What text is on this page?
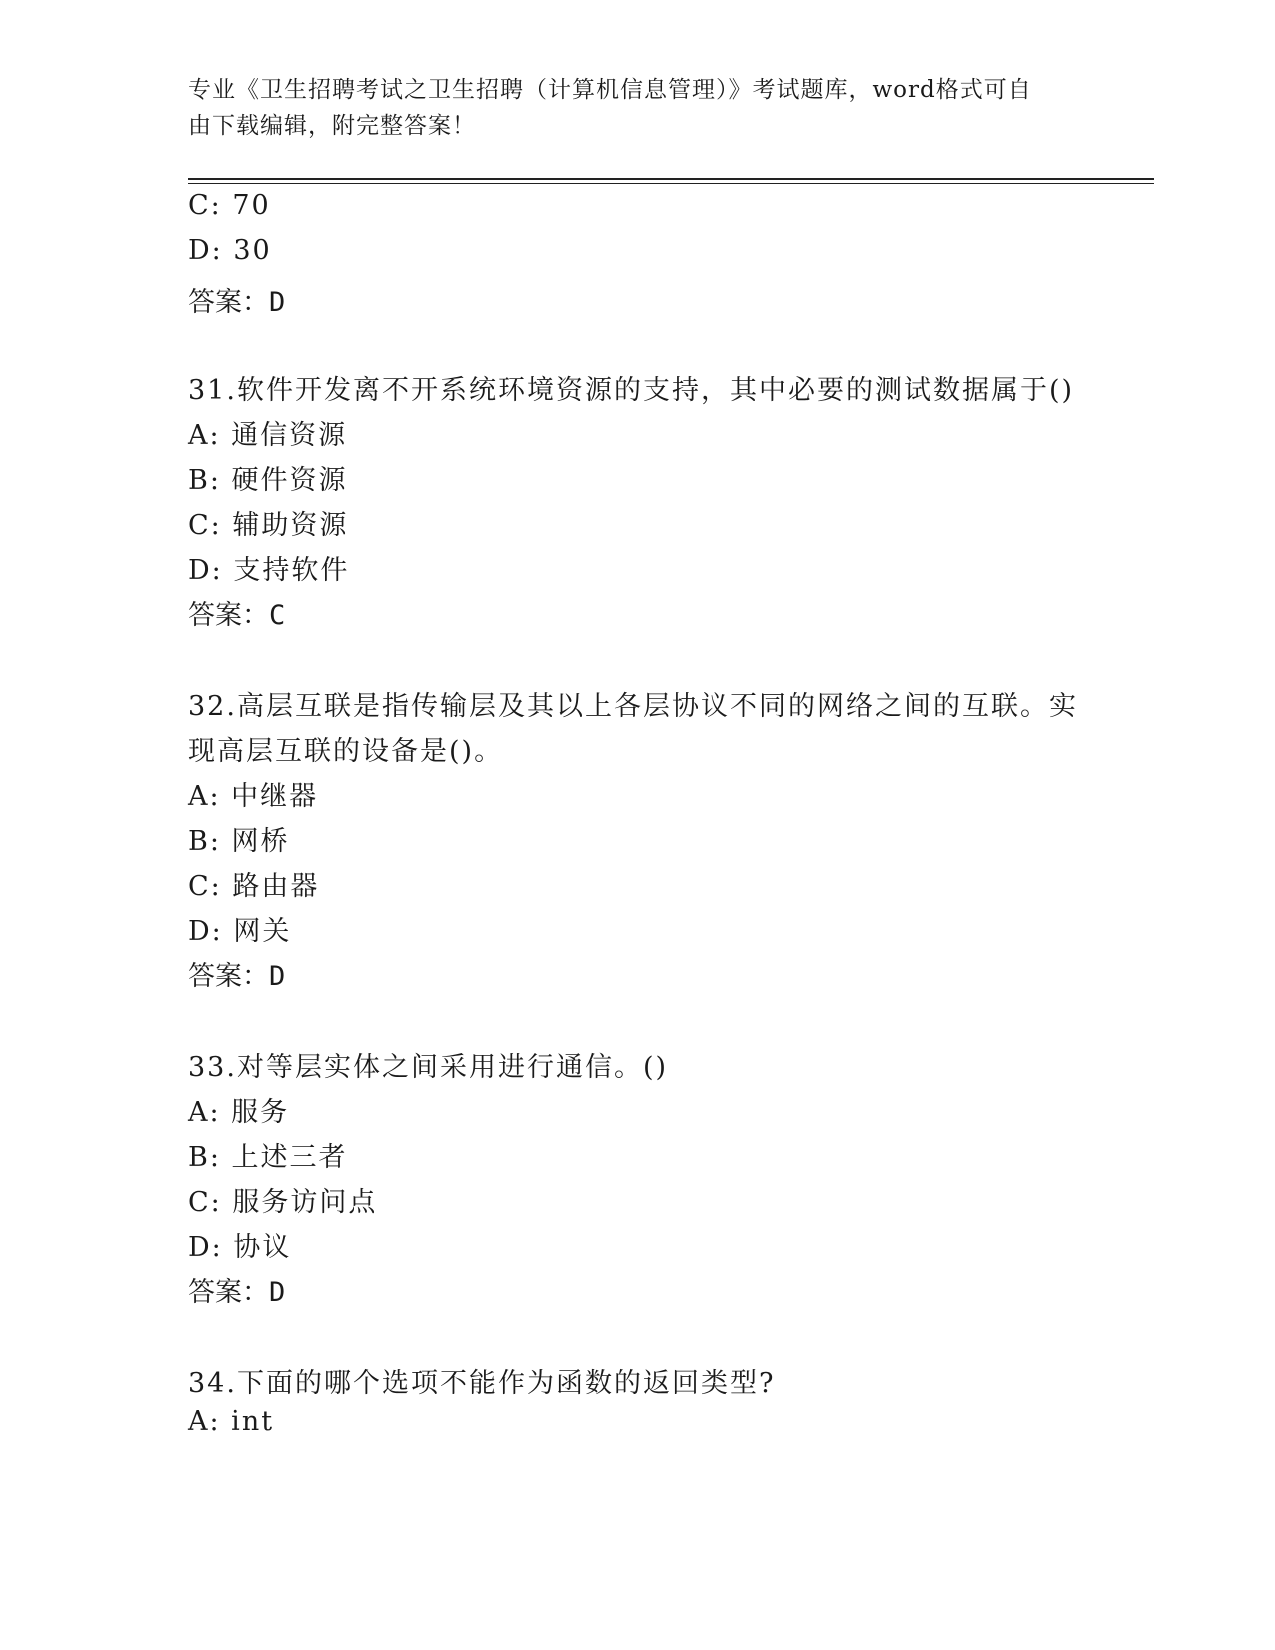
专业《卫生招聘考试之卫生招聘（计算机信息管理）》考试题库，word格式可自
由下载编辑，附完整答案！
C: 70
D: 30
答案：D
31.软件开发离不开系统环境资源的支持，其中必要的测试数据属于()
A: 通信资源
B: 硬件资源
C: 辅助资源
D: 支持软件
答案：C
32.高层互联是指传输层及其以上各层协议不同的网络之间的互联。实
现高层互联的设备是()。
A: 中继器
B: 网桥
C: 路由器
D: 网关
答案：D
33.对等层实体之间采用进行通信。()
A: 服务
B: 上述三者
C: 服务访问点
D: 协议
答案：D
34.下面的哪个选项不能作为函数的返回类型?
A: int
